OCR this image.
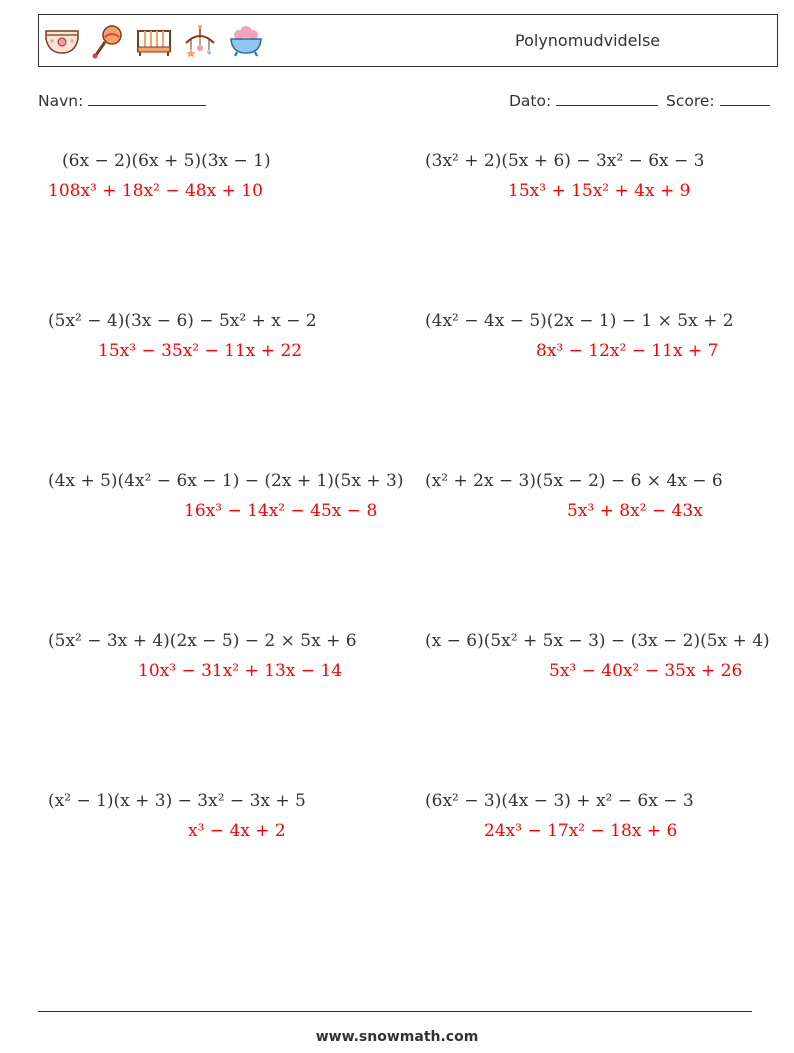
Polynomudvidelse
Navn:	Dato:	Score:
(6x − 2)(6x + 5)(3x − 1)
108x³ + 18x² − 48x + 10
(3x² + 2)(5x + 6) − 3x² − 6x − 3
15x³ + 15x² + 4x + 9
(5x² − 4)(3x − 6) − 5x² + x − 2
15x³ − 35x² − 11x + 22
(4x² − 4x − 5)(2x − 1) − 1 × 5x + 2
8x³ − 12x² − 11x + 7
(4x + 5)(4x² − 6x − 1) − (2x + 1)(5x + 3)
16x³ − 14x² − 45x − 8
(x² + 2x − 3)(5x − 2) − 6 × 4x − 6
5x³ + 8x² − 43x
(5x² − 3x + 4)(2x − 5) − 2 × 5x + 6
10x³ − 31x² + 13x − 14
(x − 6)(5x² + 5x − 3) − (3x − 2)(5x + 4)
5x³ − 40x² − 35x + 26
(x² − 1)(x + 3) − 3x² − 3x + 5
x³ − 4x + 2
(6x² − 3)(4x − 3) + x² − 6x − 3
24x³ − 17x² − 18x + 6
www.snowmath.com
